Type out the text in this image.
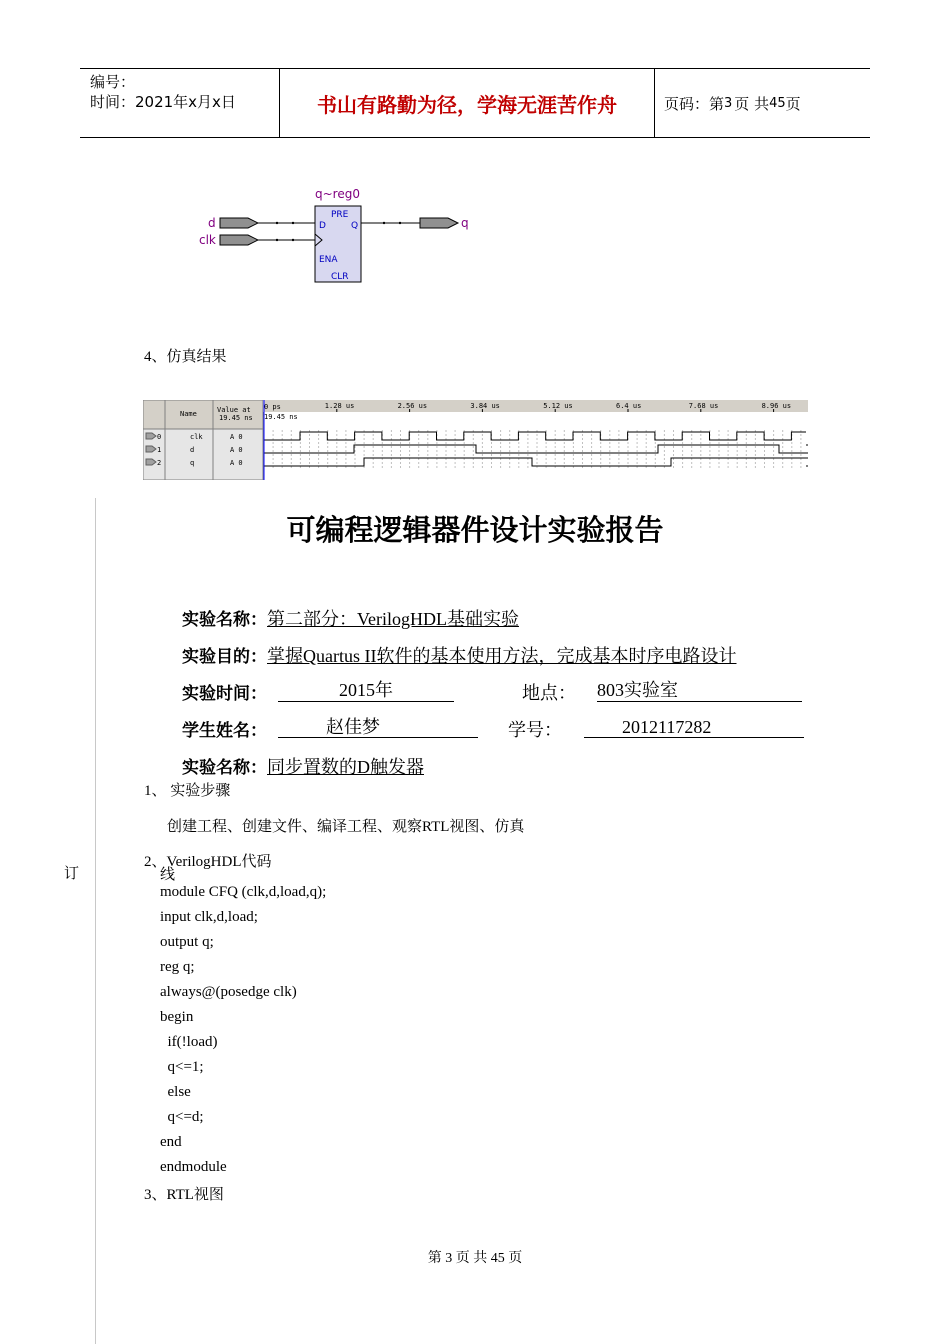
编号：
时间：2021年x月x日	书山有路勤为径，学海无涯苦作舟	页码：第 3 页 共 45 页
q~reg0
PRE
D	Q
ENA
CLR
d
clk
q
4、仿真结果
Name	Value at
19.45 ns
0 ps
19.45 ns
1.28 us	2.56 us	3.84 us	5.12 us	6.4 us	7.68 us	8.96 us
0	clk	A 0
1	d	A 0
2	q	A 0
订
可编程逻辑器件设计实验报告
实验名称：第二部分：VerilogHDL基础实验
实验目的：掌握Quartus II软件的基本使用方法，完成基本时序电路设计
实验时间：	2015年	地点： 803实验室
学生姓名：	赵佳梦	学号：	2012117282
实验名称：同步置数的D触发器
1、 实验步骤
创建工程、创建文件、编译工程、观察RTL视图、仿真
2、VerilogHDL代码
线
module CFQ (clk,d,load,q);
input clk,d,load;
output q;
reg q;
always@(posedge clk)
begin
if(!load)
q<=1;
else
q<=d;
end
endmodule
3、RTL视图
第 3 页 共 45 页
